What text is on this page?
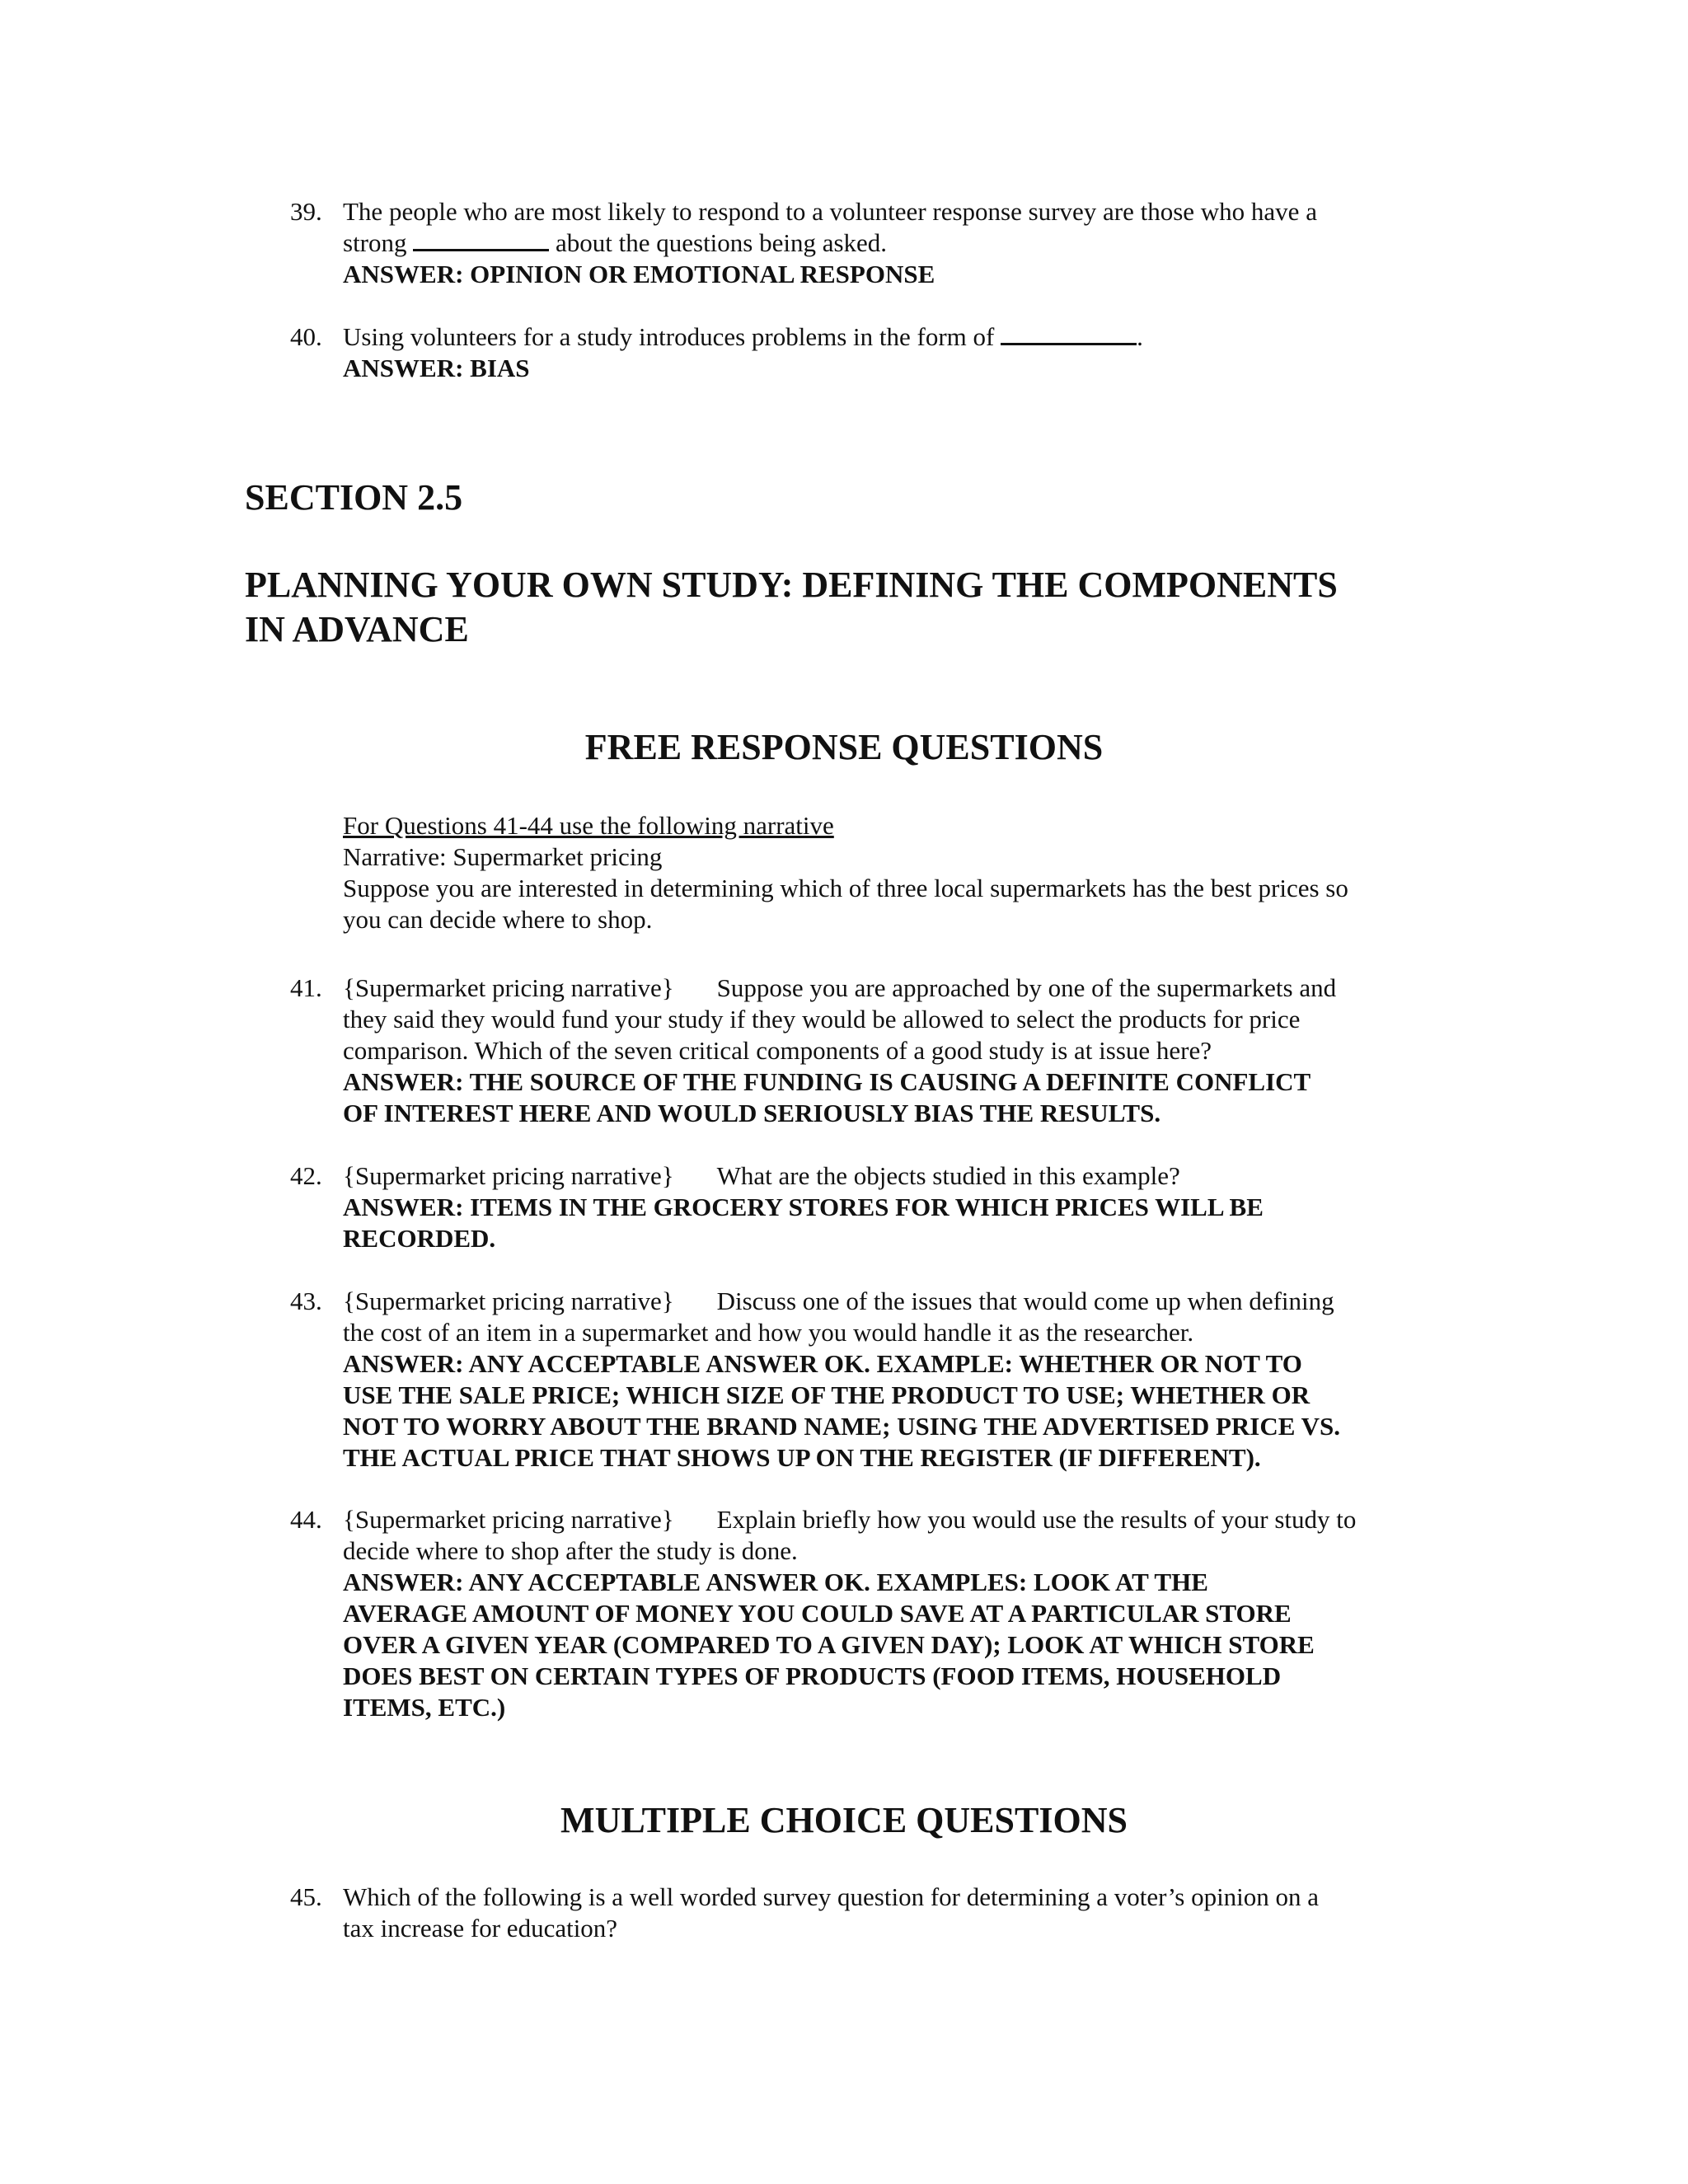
39. The people who are most likely to respond to a volunteer response survey are those who have a

strong	about the questions being asked.

ANSWER: OPINION OR EMOTIONAL RESPONSE

40. Using volunteers for a study introduces problems in the form of	.

ANSWER: BIAS

SECTION 2.5
PLANNING YOUR OWN STUDY: DEFINING THE COMPONENTS
IN ADVANCE
FREE RESPONSE QUESTIONS

For Questions 41-44 use the following narrative

Narrative: Supermarket pricing

Suppose you are interested in determining which of three local supermarkets has the best prices so

you can decide where to shop.

41. {Supermarket pricing narrative} Suppose you are approached by one of the supermarkets and

they said they would fund your study if they would be allowed to select the products for price

comparison. Which of the seven critical components of a good study is at issue here?

ANSWER: THE SOURCE OF THE FUNDING IS CAUSING A DEFINITE CONFLICT

OF INTEREST HERE AND WOULD SERIOUSLY BIAS THE RESULTS.

42. {Supermarket pricing narrative} What are the objects studied in this example?

ANSWER: ITEMS IN THE GROCERY STORES FOR WHICH PRICES WILL BE

RECORDED.

43. {Supermarket pricing narrative} Discuss one of the issues that would come up when defining

the cost of an item in a supermarket and how you would handle it as the researcher.

ANSWER: ANY ACCEPTABLE ANSWER OK. EXAMPLE: WHETHER OR NOT TO

USE THE SALE PRICE; WHICH SIZE OF THE PRODUCT TO USE; WHETHER OR

NOT TO WORRY ABOUT THE BRAND NAME; USING THE ADVERTISED PRICE VS.

THE ACTUAL PRICE THAT SHOWS UP ON THE REGISTER (IF DIFFERENT).

44. {Supermarket pricing narrative} Explain briefly how you would use the results of your study to

decide where to shop after the study is done.

ANSWER: ANY ACCEPTABLE ANSWER OK. EXAMPLES: LOOK AT THE

AVERAGE AMOUNT OF MONEY YOU COULD SAVE AT A PARTICULAR STORE

OVER A GIVEN YEAR (COMPARED TO A GIVEN DAY); LOOK AT WHICH STORE

DOES BEST ON CERTAIN TYPES OF PRODUCTS (FOOD ITEMS, HOUSEHOLD

ITEMS, ETC.)

MULTIPLE CHOICE QUESTIONS
45. Which of the following is a well worded survey question for determining a voter’s opinion on a

tax increase for education?
